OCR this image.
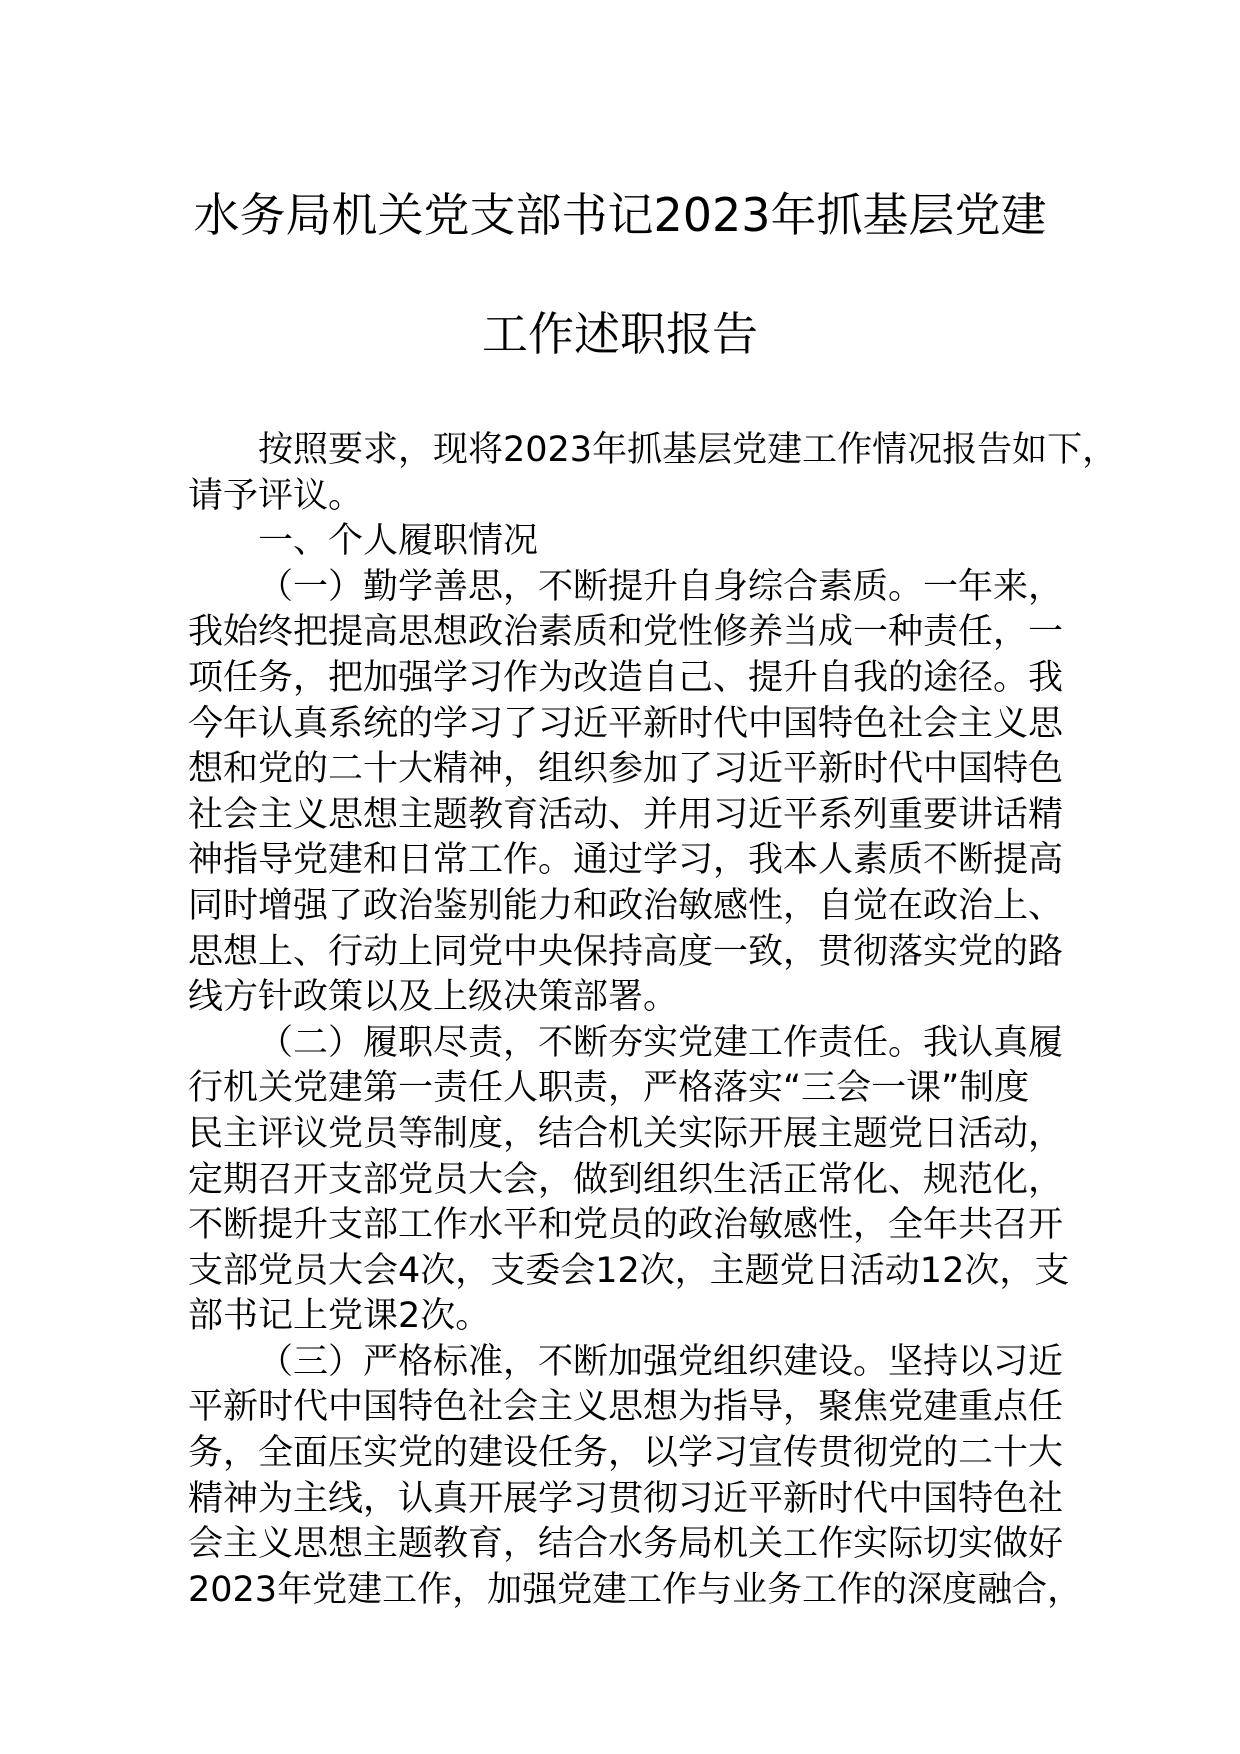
水务局机关党支部书记2023年抓基层党建
工作述职报告
按照要求，现将2023年抓基层党建工作情况报告如下，
请予评议。
一、个人履职情况
（一）勤学善思，不断提升自身综合素质。一年来，
我始终把提高思想政治素质和党性修养当成一种责任，一
项任务，把加强学习作为改造自己、提升自我的途径。我
今年认真系统的学习了习近平新时代中国特色社会主义思
想和党的二十大精神，组织参加了习近平新时代中国特色
社会主义思想主题教育活动、并用习近平系列重要讲话精
神指导党建和日常工作。通过学习，我本人素质不断提高
同时增强了政治鉴别能力和政治敏感性，自觉在政治上、
思想上、行动上同党中央保持高度一致，贯彻落实党的路
线方针政策以及上级决策部署。
（二）履职尽责，不断夯实党建工作责任。我认真履
行机关党建第一责任人职责，严格落实“三会一课”制度
民主评议党员等制度，结合机关实际开展主题党日活动，
定期召开支部党员大会，做到组织生活正常化、规范化，
不断提升支部工作水平和党员的政治敏感性，全年共召开
支部党员大会4次，支委会12次，主题党日活动12次，支
部书记上党课2次。
（三）严格标准，不断加强党组织建设。坚持以习近
平新时代中国特色社会主义思想为指导，聚焦党建重点任
务，全面压实党的建设任务，以学习宣传贯彻党的二十大
精神为主线，认真开展学习贯彻习近平新时代中国特色社
会主义思想主题教育，结合水务局机关工作实际切实做好
2023年党建工作，加强党建工作与业务工作的深度融合，
